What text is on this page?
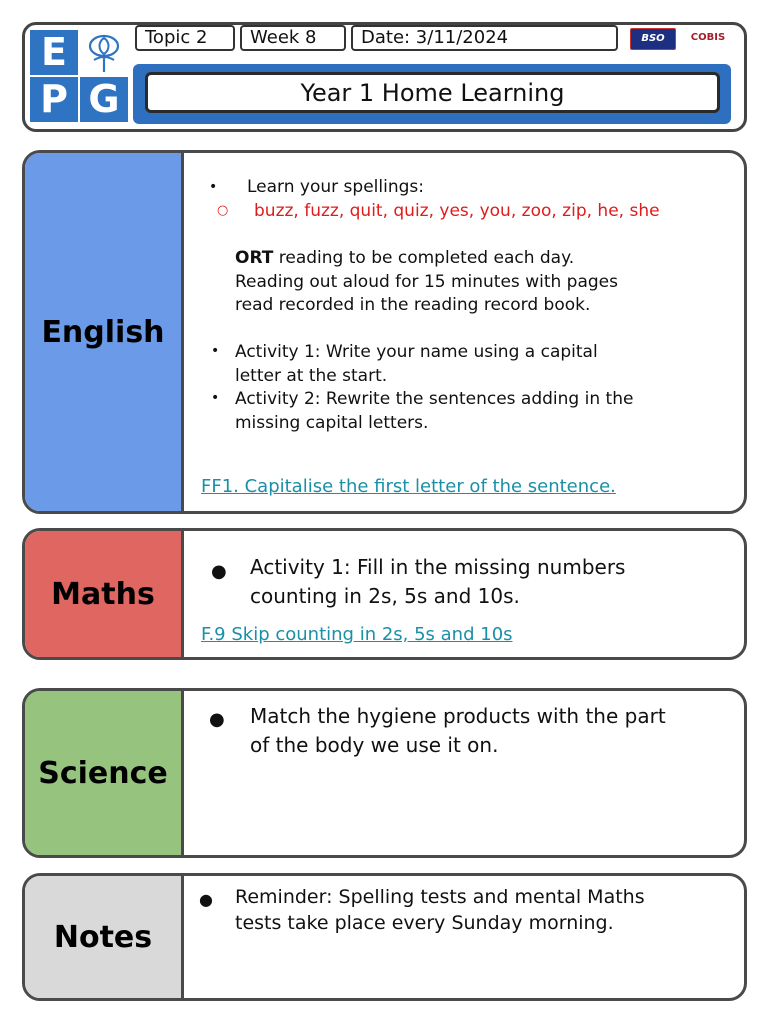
E
P G
Topic 2	Week 8	Date: 3/11/2024	BSO	COBIS
Year 1 Home Learning
English
• Learn your spellings:
○ buzz, fuzz, quit, quiz, yes, you, zoo, zip, he, she
ORT reading to be completed each day.
Reading out aloud for 15 minutes with pages
read recorded in the reading record book.
• Activity 1: Write your name using a capital
letter at the start.
• Activity 2: Rewrite the sentences adding in the
missing capital letters.
FF1. Capitalise the first letter of the sentence.
Maths
● Activity 1: Fill in the missing numbers
counting in 2s, 5s and 10s.
F.9 Skip counting in 2s, 5s and 10s
Science
● Match the hygiene products with the part
of the body we use it on.
Notes
● Reminder: Spelling tests and mental Maths
tests take place every Sunday morning.
